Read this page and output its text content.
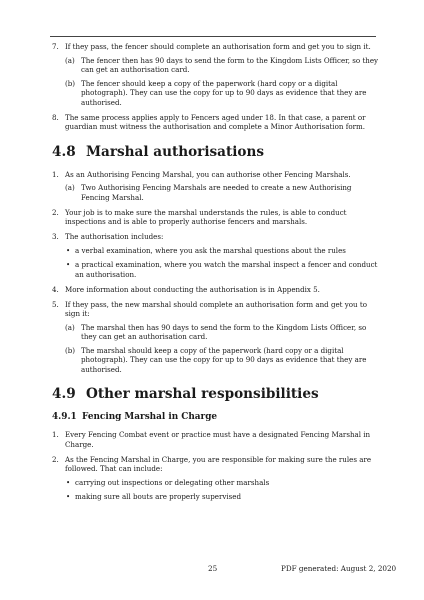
7. If they pass, the fencer should complete an authorisation form and get you to sign it.
(a) The fencer then has 90 days to send the form to the Kingdom Lists Officer, so they can get an authorisation card.
(b) The fencer should keep a copy of the paperwork (hard copy or a digital photograph). They can use the copy for up to 90 days as evidence that they are authorised.
8. The same process applies apply to Fencers aged under 18. In that case, a parent or guardian must witness the authorisation and complete a Minor Authorisation form.
4.8 Marshal authorisations
1. As an Authorising Fencing Marshal, you can authorise other Fencing Marshals.
(a) Two Authorising Fencing Marshals are needed to create a new Authorising Fencing Marshal.
2. Your job is to make sure the marshal understands the rules, is able to conduct inspections and is able to properly authorise fencers and marshals.
3. The authorisation includes:
• a verbal examination, where you ask the marshal questions about the rules
• a practical examination, where you watch the marshal inspect a fencer and conduct an authorisation.
4. More information about conducting the authorisation is in Appendix 5.
5. If they pass, the new marshal should complete an authorisation form and get you to sign it:
(a) The marshal then has 90 days to send the form to the Kingdom Lists Officer, so they can get an authorisation card.
(b) The marshal should keep a copy of the paperwork (hard copy or a digital photograph). They can use the copy for up to 90 days as evidence that they are authorised.
4.9 Other marshal responsibilities
4.9.1 Fencing Marshal in Charge
1. Every Fencing Combat event or practice must have a designated Fencing Marshal in Charge.
2. As the Fencing Marshal in Charge, you are responsible for making sure the rules are followed. That can include:
• carrying out inspections or delegating other marshals
• making sure all bouts are properly supervised
25	PDF generated: August 2, 2020
